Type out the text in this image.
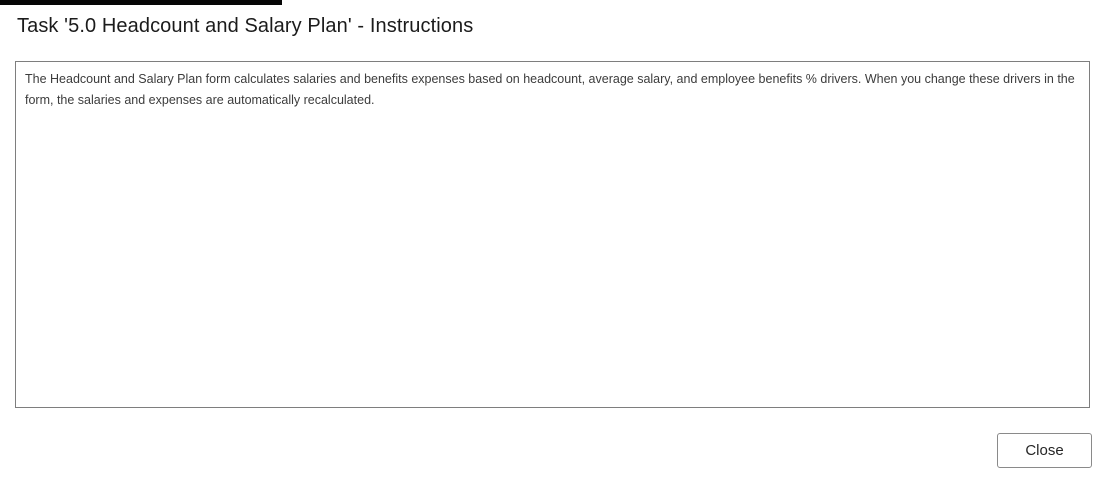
Task '5.0 Headcount and Salary Plan' - Instructions

The Headcount and Salary Plan form calculates salaries and benefits expenses based on headcount, average salary, and employee benefits % drivers. When you change these drivers in the form, the salaries and expenses are automatically recalculated.

Close
